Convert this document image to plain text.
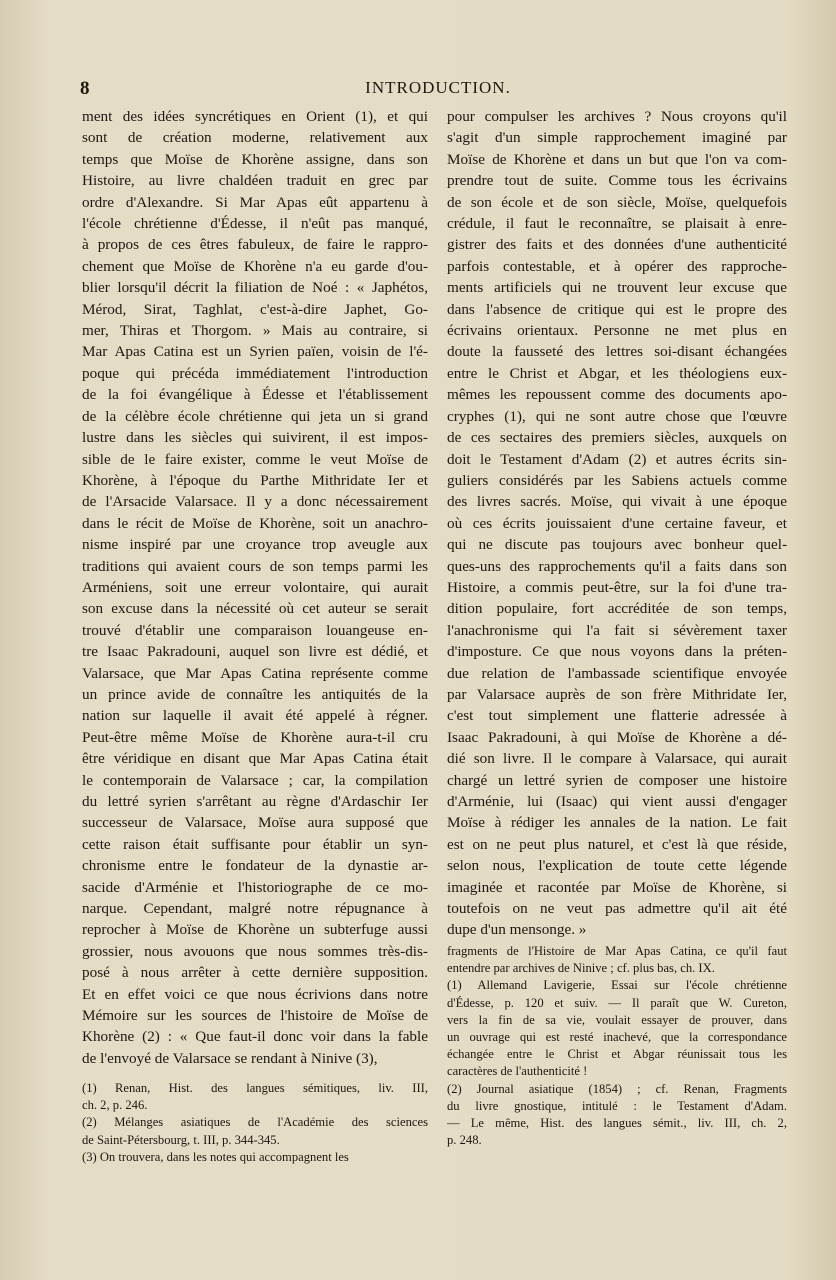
8	INTRODUCTION.
ment des idées syncrétiques en Orient (1), et qui
sont de création moderne, relativement aux
temps que Moïse de Khorène assigne, dans son
Histoire, au livre chaldéen traduit en grec par
ordre d'Alexandre. Si Mar Apas eût appartenu à
l'école chrétienne d'Édesse, il n'eût pas manqué,
à propos de ces êtres fabuleux, de faire le rappro-
chement que Moïse de Khorène n'a eu garde d'ou-
blier lorsqu'il décrit la filiation de Noé : « Japhétos,
Mérod, Sirat, Taghlat, c'est-à-dire Japhet, Go-
mer, Thiras et Thorgom. » Mais au contraire, si
Mar Apas Catina est un Syrien païen, voisin de l'é-
poque qui précéda immédiatement l'introduction
de la foi évangélique à Édesse et l'établissement
de la célèbre école chrétienne qui jeta un si grand
lustre dans les siècles qui suivirent, il est impos-
sible de le faire exister, comme le veut Moïse de
Khorène, à l'époque du Parthe Mithridate Ier et
de l'Arsacide Valarsace. Il y a donc nécessairement
dans le récit de Moïse de Khorène, soit un anachro-
nisme inspiré par une croyance trop aveugle aux
traditions qui avaient cours de son temps parmi les
Arméniens, soit une erreur volontaire, qui aurait
son excuse dans la nécessité où cet auteur se serait
trouvé d'établir une comparaison louangeuse en-
tre Isaac Pakradouni, auquel son livre est dédié, et
Valarsace, que Mar Apas Catina représente comme
un prince avide de connaître les antiquités de la
nation sur laquelle il avait été appelé à régner.
Peut-être même Moïse de Khorène aura-t-il cru
être véridique en disant que Mar Apas Catina était
le contemporain de Valarsace ; car, la compilation
du lettré syrien s'arrêtant au règne d'Ardaschir Ier
successeur de Valarsace, Moïse aura supposé que
cette raison était suffisante pour établir un syn-
chronisme entre le fondateur de la dynastie ar-
sacide d'Arménie et l'historiographe de ce mo-
narque. Cependant, malgré notre répugnance à
reprocher à Moïse de Khorène un subterfuge aussi
grossier, nous avouons que nous sommes très-dis-
posé à nous arrêter à cette dernière supposition.
Et en effet voici ce que nous écrivions dans notre
Mémoire sur les sources de l'histoire de Moïse de
Khorène (2) : « Que faut-il donc voir dans la fable
de l'envoyé de Valarsace se rendant à Ninive (3),
pour compulser les archives ? Nous croyons qu'il
s'agit d'un simple rapprochement imaginé par
Moïse de Khorène et dans un but que l'on va com-
prendre tout de suite. Comme tous les écrivains
de son école et de son siècle, Moïse, quelquefois
crédule, il faut le reconnaître, se plaisait à enre-
gistrer des faits et des données d'une authenticité
parfois contestable, et à opérer des rapproche-
ments artificiels qui ne trouvent leur excuse que
dans l'absence de critique qui est le propre des
écrivains orientaux. Personne ne met plus en
doute la fausseté des lettres soi-disant échangées
entre le Christ et Abgar, et les théologiens eux-
mêmes les repoussent comme des documents apo-
cryphes (1), qui ne sont autre chose que l'œuvre
de ces sectaires des premiers siècles, auxquels on
doit le Testament d'Adam (2) et autres écrits sin-
guliers considérés par les Sabiens actuels comme
des livres sacrés. Moïse, qui vivait à une époque
où ces écrits jouissaient d'une certaine faveur, et
qui ne discute pas toujours avec bonheur quel-
ques-uns des rapprochements qu'il a faits dans son
Histoire, a commis peut-être, sur la foi d'une tra-
dition populaire, fort accréditée de son temps,
l'anachronisme qui l'a fait si sévèrement taxer
d'imposture. Ce que nous voyons dans la préten-
due relation de l'ambassade scientifique envoyée
par Valarsace auprès de son frère Mithridate Ier,
c'est tout simplement une flatterie adressée à
Isaac Pakradouni, à qui Moïse de Khorène a dé-
dié son livre. Il le compare à Valarsace, qui aurait
chargé un lettré syrien de composer une histoire
d'Arménie, lui (Isaac) qui vient aussi d'engager
Moïse à rédiger les annales de la nation. Le fait
est on ne peut plus naturel, et c'est là que réside,
selon nous, l'explication de toute cette légende
imaginée et racontée par Moïse de Khorène, si
toutefois on ne veut pas admettre qu'il ait été
dupe d'un mensonge. »
(1) Renan, Hist. des langues sémitiques, liv. III,
ch. 2, p. 246.
(2) Mélanges asiatiques de l'Académie des sciences
de Saint-Pétersbourg, t. III, p. 344-345.
(3) On trouvera, dans les notes qui accompagnent les
fragments de l'Histoire de Mar Apas Catina, ce qu'il faut
entendre par archives de Ninive ; cf. plus bas, ch. IX.
(1) Allemand Lavigerie, Essai sur l'école chrétienne
d'Édesse, p. 120 et suiv. — Il paraît que W. Cureton,
vers la fin de sa vie, voulait essayer de prouver, dans
un ouvrage qui est resté inachevé, que la correspondance
échangée entre le Christ et Abgar réunissait tous les
caractères de l'authenticité !
(2) Journal asiatique (1854) ; cf. Renan, Fragments
du livre gnostique, intitulé : le Testament d'Adam.
— Le même, Hist. des langues sémit., liv. III, ch. 2,
p. 248.
